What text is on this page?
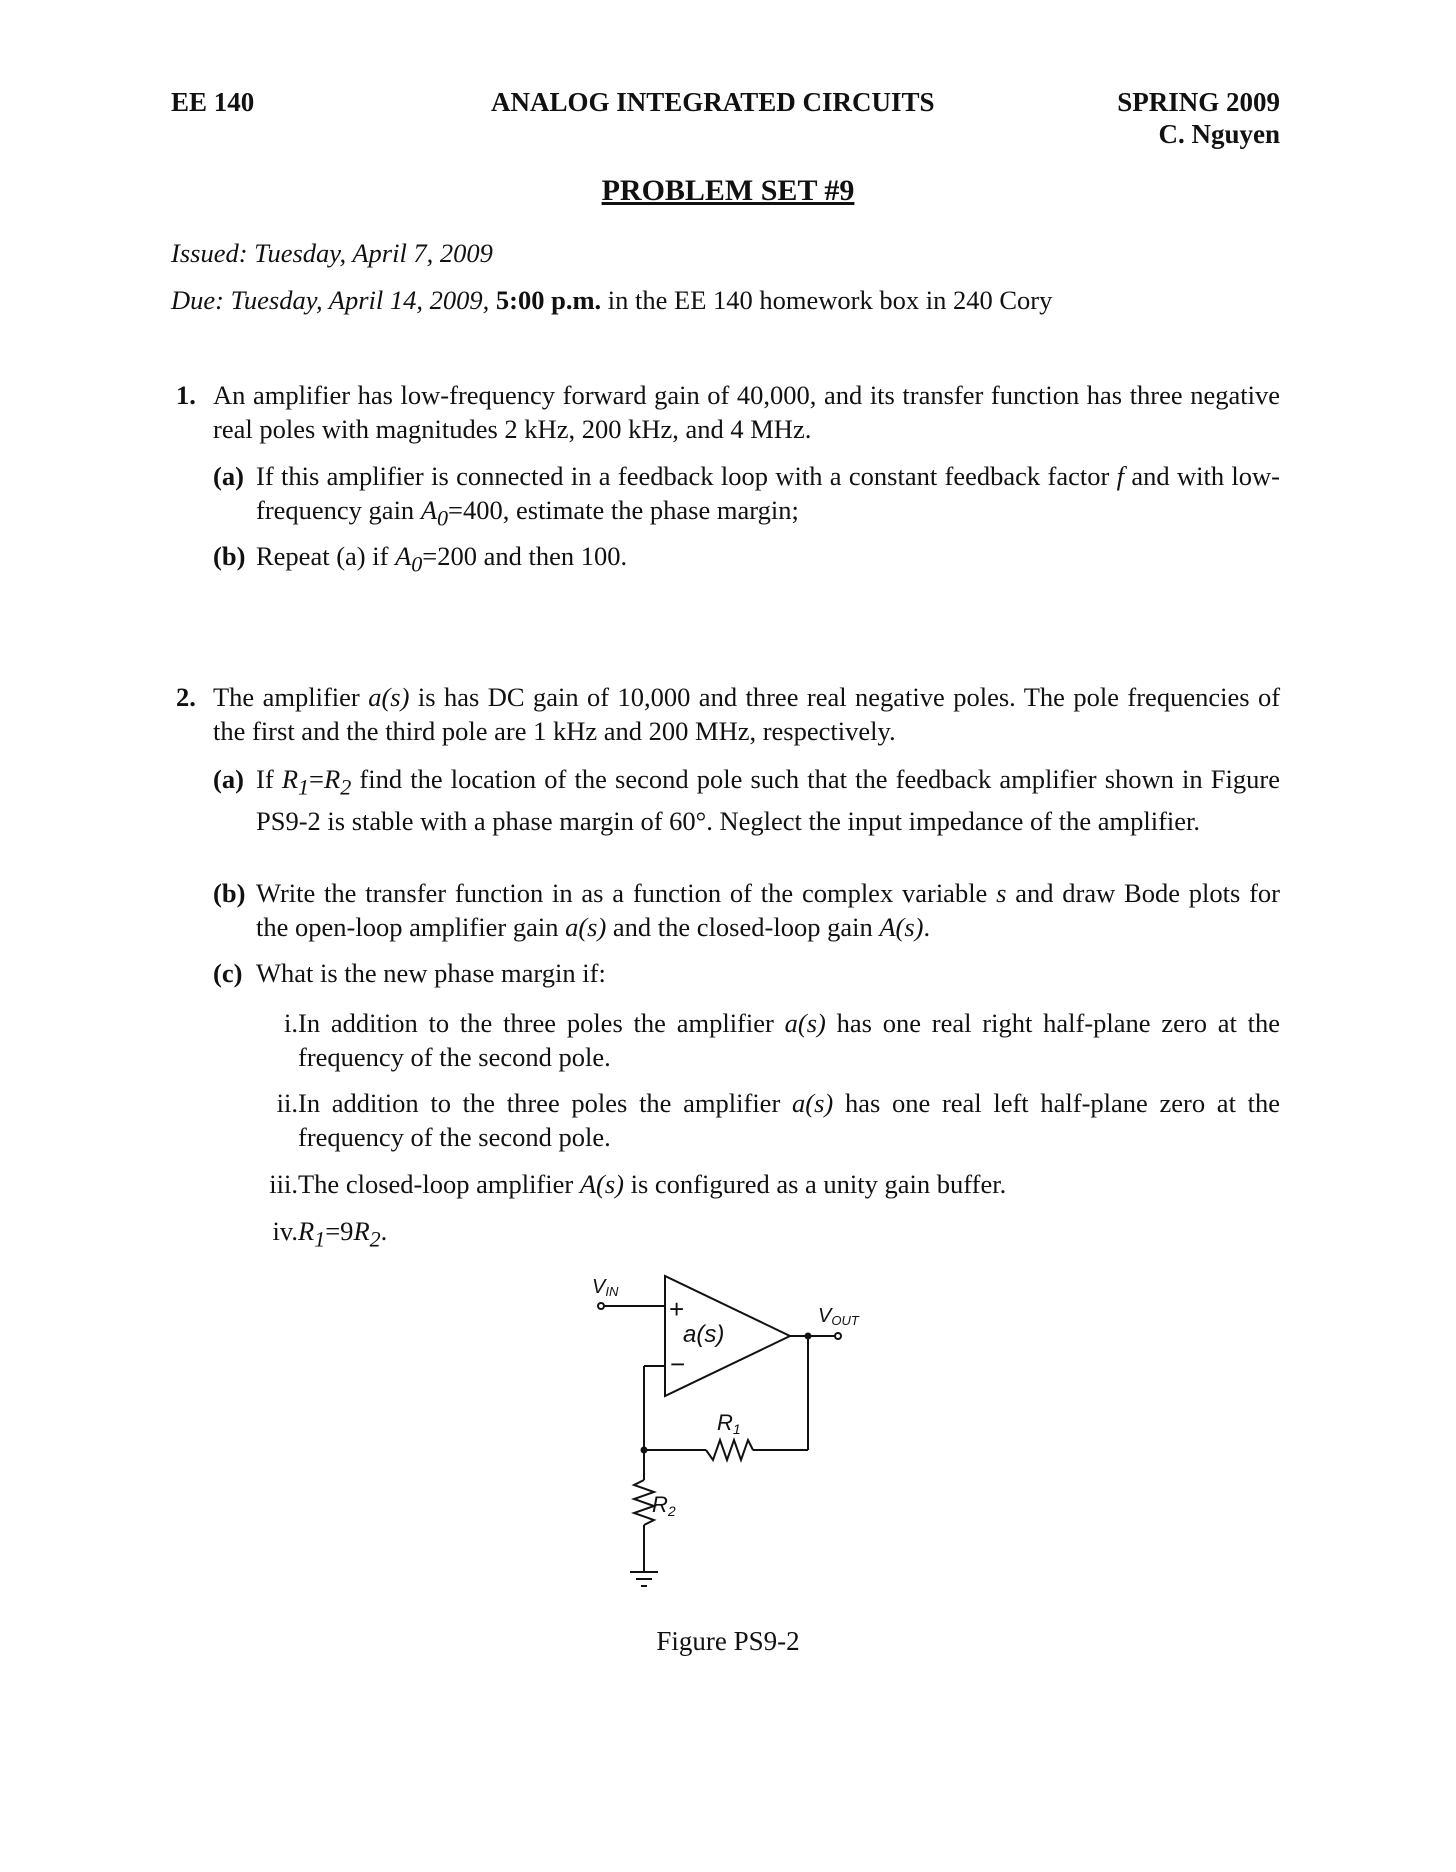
EE 140	ANALOG INTEGRATED CIRCUITS	SPRING 2009
C. Nguyen
PROBLEM SET #9
Issued: Tuesday, April 7, 2009
Due: Tuesday, April 14, 2009, 5:00 p.m. in the EE 140 homework box in 240 Cory
1. An amplifier has low-frequency forward gain of 40,000, and its transfer function has three negative real poles with magnitudes 2 kHz, 200 kHz, and 4 MHz.
(a) If this amplifier is connected in a feedback loop with a constant feedback factor f and with low-frequency gain $A_0=400$, estimate the phase margin;
(b) Repeat (a) if $A_0=200$ and then 100.
2. The amplifier a(s) is has DC gain of 10,000 and three real negative poles. The pole frequencies of the first and the third pole are 1 kHz and 200 MHz, respectively.
(a) If $R_1=R_2$ find the location of the second pole such that the feedback amplifier shown in Figure PS9-2 is stable with a phase margin of 60°. Neglect the input impedance of the amplifier.
(b) Write the transfer function in as a function of the complex variable s and draw Bode plots for the open-loop amplifier gain a(s) and the closed-loop gain A(s).
(c) What is the new phase margin if:
i. In addition to the three poles the amplifier a(s) has one real right half-plane zero at the frequency of the second pole.
ii. In addition to the three poles the amplifier a(s) has one real left half-plane zero at the frequency of the second pole.
iii. The closed-loop amplifier A(s) is configured as a unity gain buffer.
iv. $R_1=9R_2$.
VIN
VOUT
+
−
a(s)
R1
R2
Figure PS9-2
